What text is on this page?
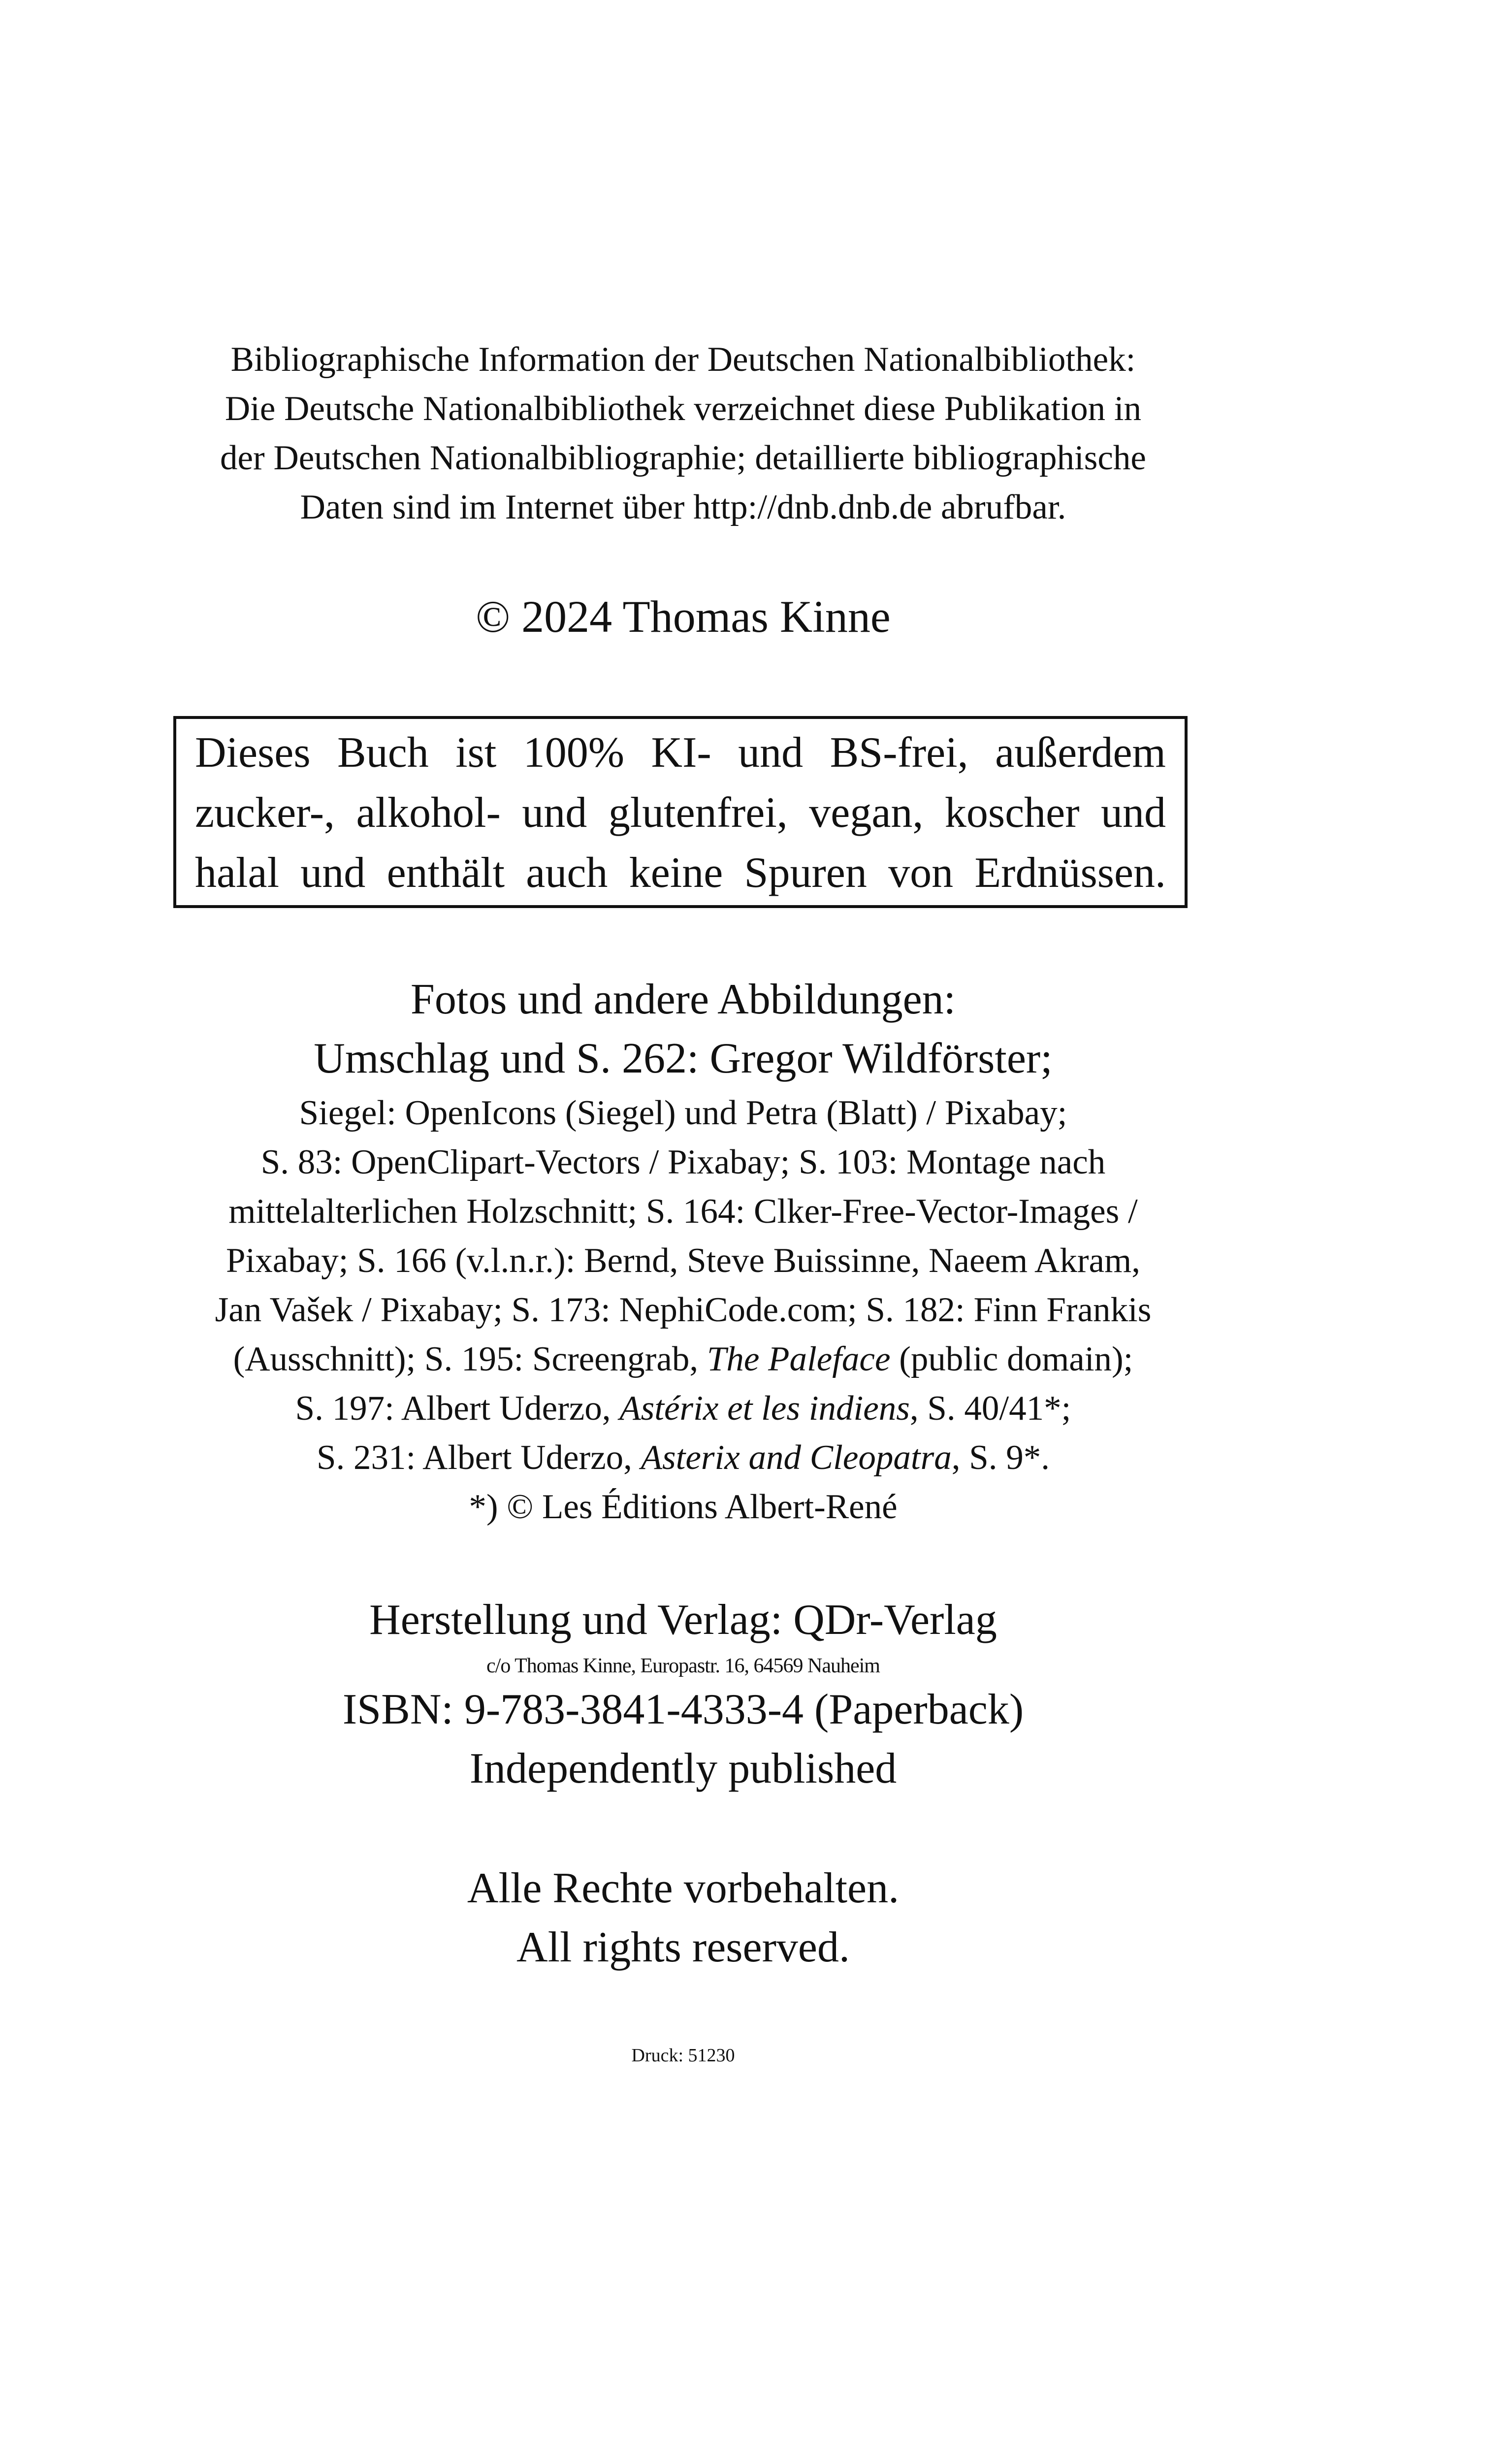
Bibliographische Information der Deutschen Nationalbibliothek:
Die Deutsche Nationalbibliothek verzeichnet diese Publikation in
der Deutschen Nationalbibliographie; detaillierte bibliographische
Daten sind im Internet über http://dnb.dnb.de abrufbar.
© 2024 Thomas Kinne
Dieses Buch ist 100% KI- und BS-frei, außerdem
zucker-, alkohol- und glutenfrei, vegan, koscher und
halal und enthält auch keine Spuren von Erdnüssen.
Fotos und andere Abbildungen:
Umschlag und S. 262: Gregor Wildförster;
Siegel: OpenIcons (Siegel) und Petra (Blatt) / Pixabay;
S. 83: OpenClipart-Vectors / Pixabay; S. 103: Montage nach
mittelalterlichen Holzschnitt; S. 164: Clker-Free-Vector-Images /
Pixabay; S. 166 (v.l.n.r.): Bernd, Steve Buissinne, Naeem Akram,
Jan Vašek / Pixabay; S. 173: NephiCode.com; S. 182: Finn Frankis
(Ausschnitt); S. 195: Screengrab, The Paleface (public domain);
S. 197: Albert Uderzo, Astérix et les indiens, S. 40/41*;
S. 231: Albert Uderzo, Asterix and Cleopatra, S. 9*.
*) © Les Éditions Albert-René
Herstellung und Verlag: QDr-Verlag
c/o Thomas Kinne, Europastr. 16, 64569 Nauheim
ISBN: 9-783-3841-4333-4 (Paperback)
Independently published
Alle Rechte vorbehalten.
All rights reserved.
Druck: 51230
